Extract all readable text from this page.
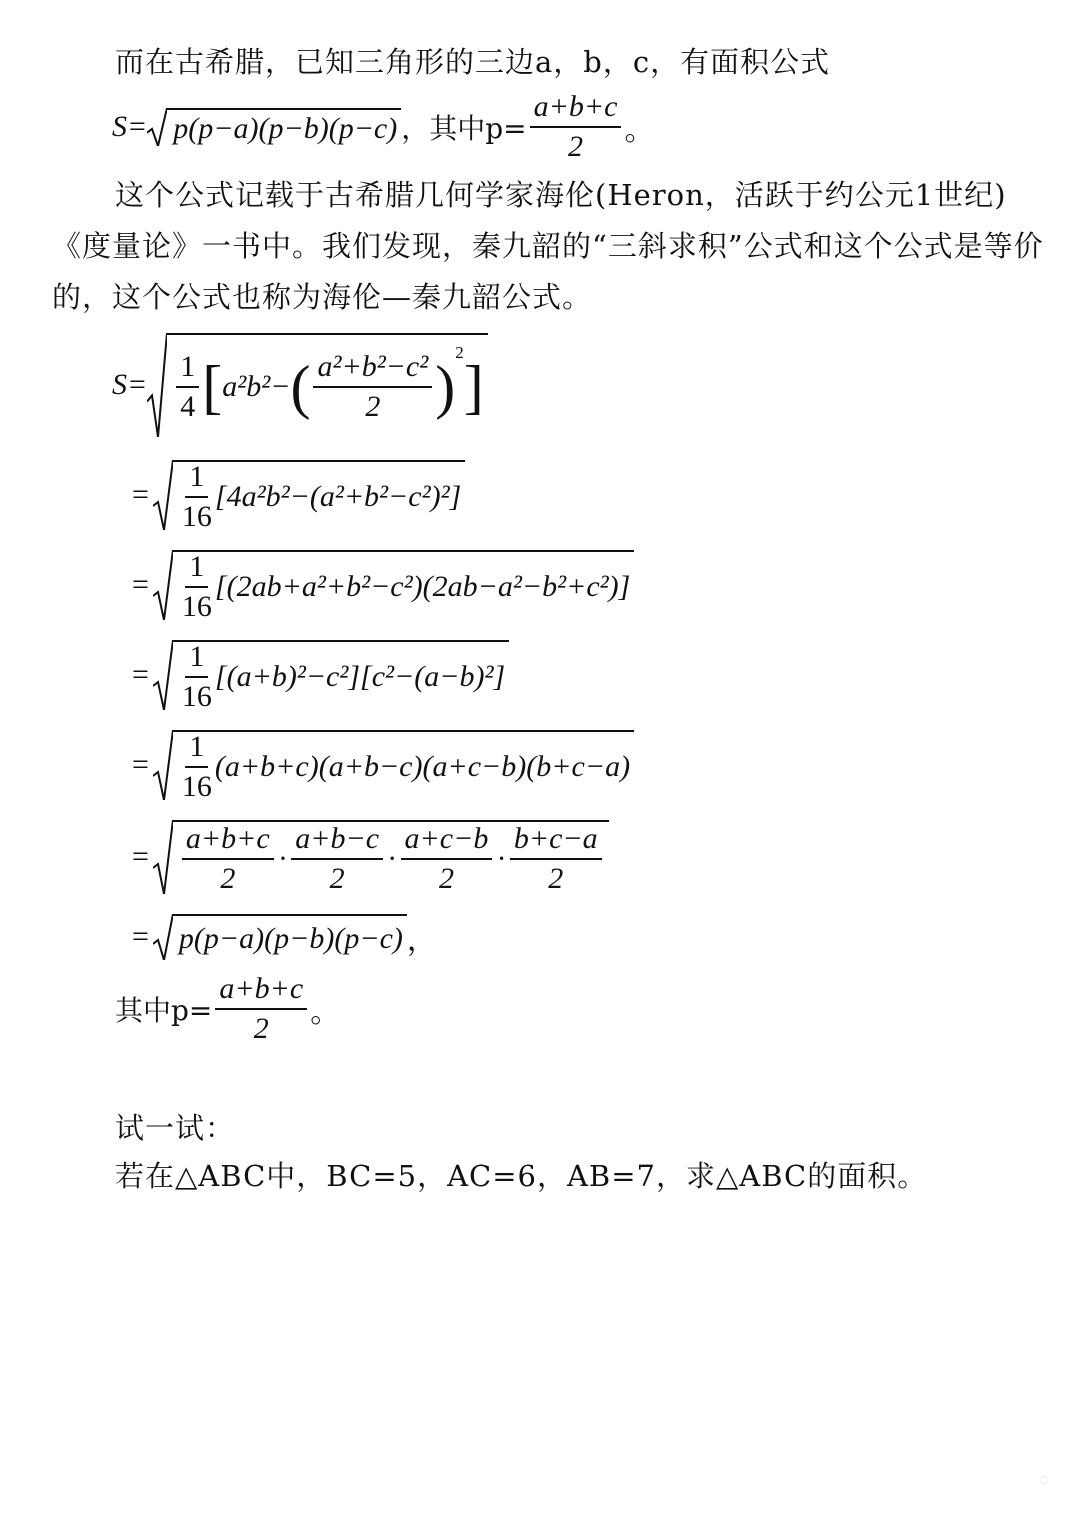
而在古希腊，已知三角形的三边a，b，c，有面积公式
S= p(p−a)(p−b)(p−c) ，其中$p= \frac{a+b+c}{2}$ 。
这个公式记载于古希腊几何学家海伦(Heron，活跃于约公元1世纪)
《度量论》一书中。我们发现，秦九韶的“三斜求积”公式和这个公式是等价
的，这个公式也称为海伦—秦九韶公式。
$S= \frac{1}{4}$ [ a²b²− ( $\frac{\text{a²+b²−c²}}{2}$ )
2
]
= $\frac{1}{16} [4a^2b^2-(a^2+b^2-c^2)^2]$
= $\frac{1}{16} [(2ab+a^2+b^2-c^2)(2ab-a^2-b^2+c^2)]$
= $\frac{1}{16} [(a+b)^2-c^2][c^2-(a-b)^2]$
= $\frac{1}{16} (a+b+c)(a+b-c)(a+c-b)(b+c-a)$
= $\frac{a+b+c}{2} \cdot \frac{a+b-c}{2} \cdot \frac{a+c-b}{2} \cdot \frac{b+c-a}{2}$
= p(p−a)(p−b)(p−c) ，
其中$p= \frac{a+b+c}{2}$ 。
试一试：
若在△ABC中，BC=5，AC=6，AB=7，求△ABC的面积。
